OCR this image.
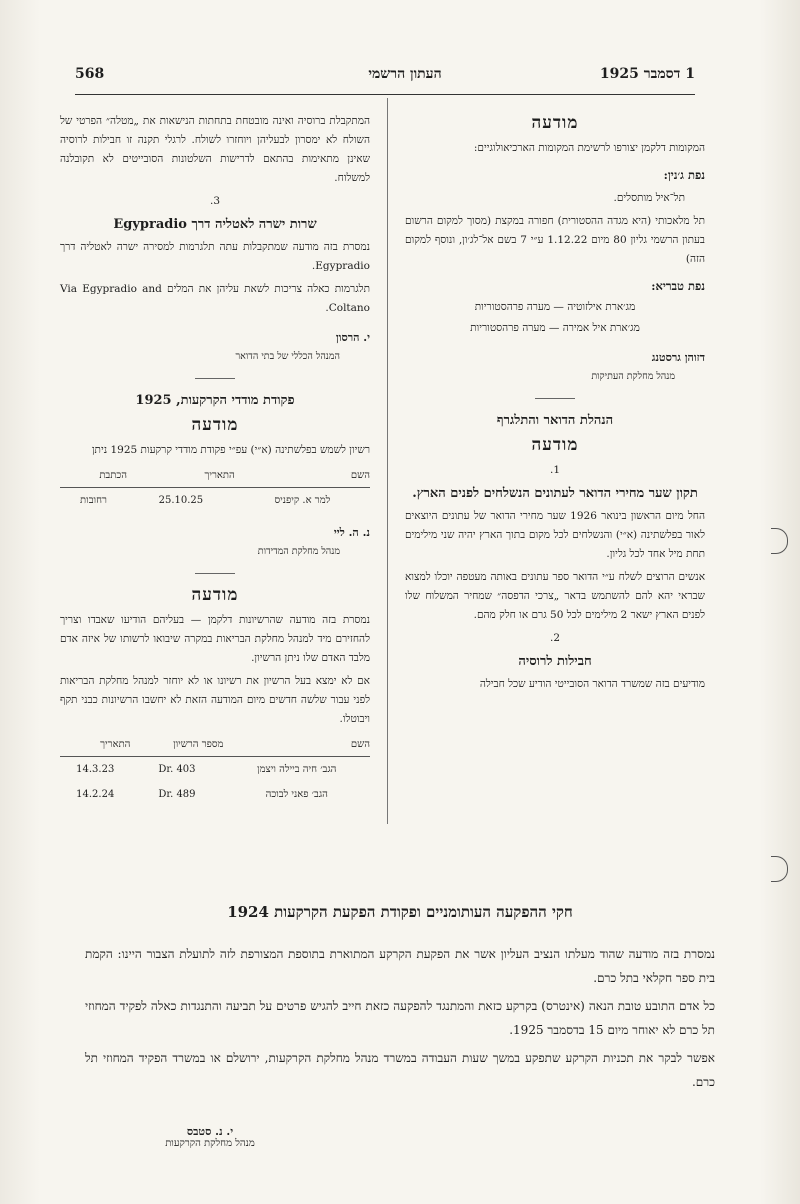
568	העתון הרשמי	1 דסמבר 1925
מודעה

המקומות דלקמן יצורפו לרשימת המקומות הארכיאולוגיים:

נפת ג׳נין:

תל־איל מותסלים.

תל מלאכותי (היא מגדה ההסטורית) חפורה במקצת (מסוך למקום הרשום בעתון הרשמי גליון 80 מיום 1.12.22 ע״י 7 בשם אל־לג׳ון, ונוסף למקום הזה)

נפת טבריא:

מג׳ארת אילזוטיה — מערה פרהסטוריות

מג׳ארת איל אמירה — מערה פרהסטוריות

דזוהן גרסטנג
מנהל מחלקת העתיקות
הנהלת הדואר והתלגרף
מודעה
1.
תקון שער מחירי הדואר לעתונים הנשלחים לפנים הארץ.

החל מיום הראשון בינואר 1926 שער מחירי הדואר של עתונים היוצאים לאור בפלשתינה (א״י) והנשלחים לכל מקום בתוך הארץ יהיה שני מילימים תחת מיל אחד לכל גליון.

אנשים הרוצים לשלח ע״י הדואר ספר עתונים באותה מעטפה יוכלו למצוא שבראי יהא להם להשתמש בדאר „צרכי הדפסה״ שמחיר המשלוח שלו לפנים הארץ ישאר 2 מילימים לכל 50 גרם או חלק מהם.

2.
חבילות לרוסיה

מודיעים בזה שמשרד הדואר הסובייטי הודיע שכל חבילה

המתקבלת ברוסיה ואינה מובטחת בתחתות הנישאות את „מטלה״ הפרטי של השולח לא ימסרון לבעליהן ויוחזרו לשולח. לרגלי תקנה זו חבילות לרוסיה שאינן מתאימות בהתאם לדרישות השלטונות הסובייטים לא תקובלנה למשלוח.

3.
שרות ישרה לאטליה דרך Egypradio

נמסרת בזה מודעה שמתקבלות עתה תלגרמות למסירה ישרה לאטליה דרך Egypradio.

תלגרמות כאלה צריכות לשאת עליהן את המלים Via Egypradio and Coltano.

י. הרסון
המנהל הכללי של בתי הדואר
פקודת מודדי הקרקעות, 1925
מודעה

רשיון לשמש בפלשתינה (א״י) עפ״י פקודת מודדי קרקעות 1925 ניתן

השם	התאריך	הכתבת
למר א. קיפניס	25.10.25	רחובות
נ. ה. ליי
מנהל מחלקת המדידות
מודעה

נמסרת בזה מודעה שהרשיונות דלקמן — בעליהם הודיעו שאבדו וצריך להחזירם מיד למנהל מחלקת הבריאות במקרה שיבואו לרשותו של איזה אדם מלבד האדם שלו ניתן הרשיון.

אם לא ימצא בעל הרשיון את רשיונו או לא יוחזר למנהל מחלקת הבריאות לפני עבור שלשה חדשים מיום המודעה הזאת לא יחשבו הרשיונות כבני תקף ויבוטלו.

השם	מספר הרשיון	התאריך
הגב׳ חיה ביילה ויצמן	Dr. 403	14.3.23
הגב׳ פאני לבוכה	Dr. 489	14.2.24
חקי ההפקעה העותומניים ופקודת הפקעת הקרקעות 1924

נמסרת בזה מודעה שהוד מעלתו הנציב העליון אשר את הפקעת הקרקע המתוארת בתוספת המצורפת לזה לתועלת הצבור היינו: הקמת בית ספר חקלאי בתל כרם.

כל אדם התובע טובת הנאה (אינטרס) בקרקע כזאת והמתנגד להפקעה כזאת חייב להגיש פרטים על תביעה והתנגדות כאלה לפקיד המחוזי תל כרם לא יאוחר מיום 15 בדסמבר 1925.

אפשר לבקר את תכניות הקרקע שתפקע במשך שעות העבודה במשרד מנהל מחלקת הקרקעות, ירושלם או במשרד הפקיד המחוזי תל כרם.

י. נ. סטבס
מנהל מחלקת הקרקעות
